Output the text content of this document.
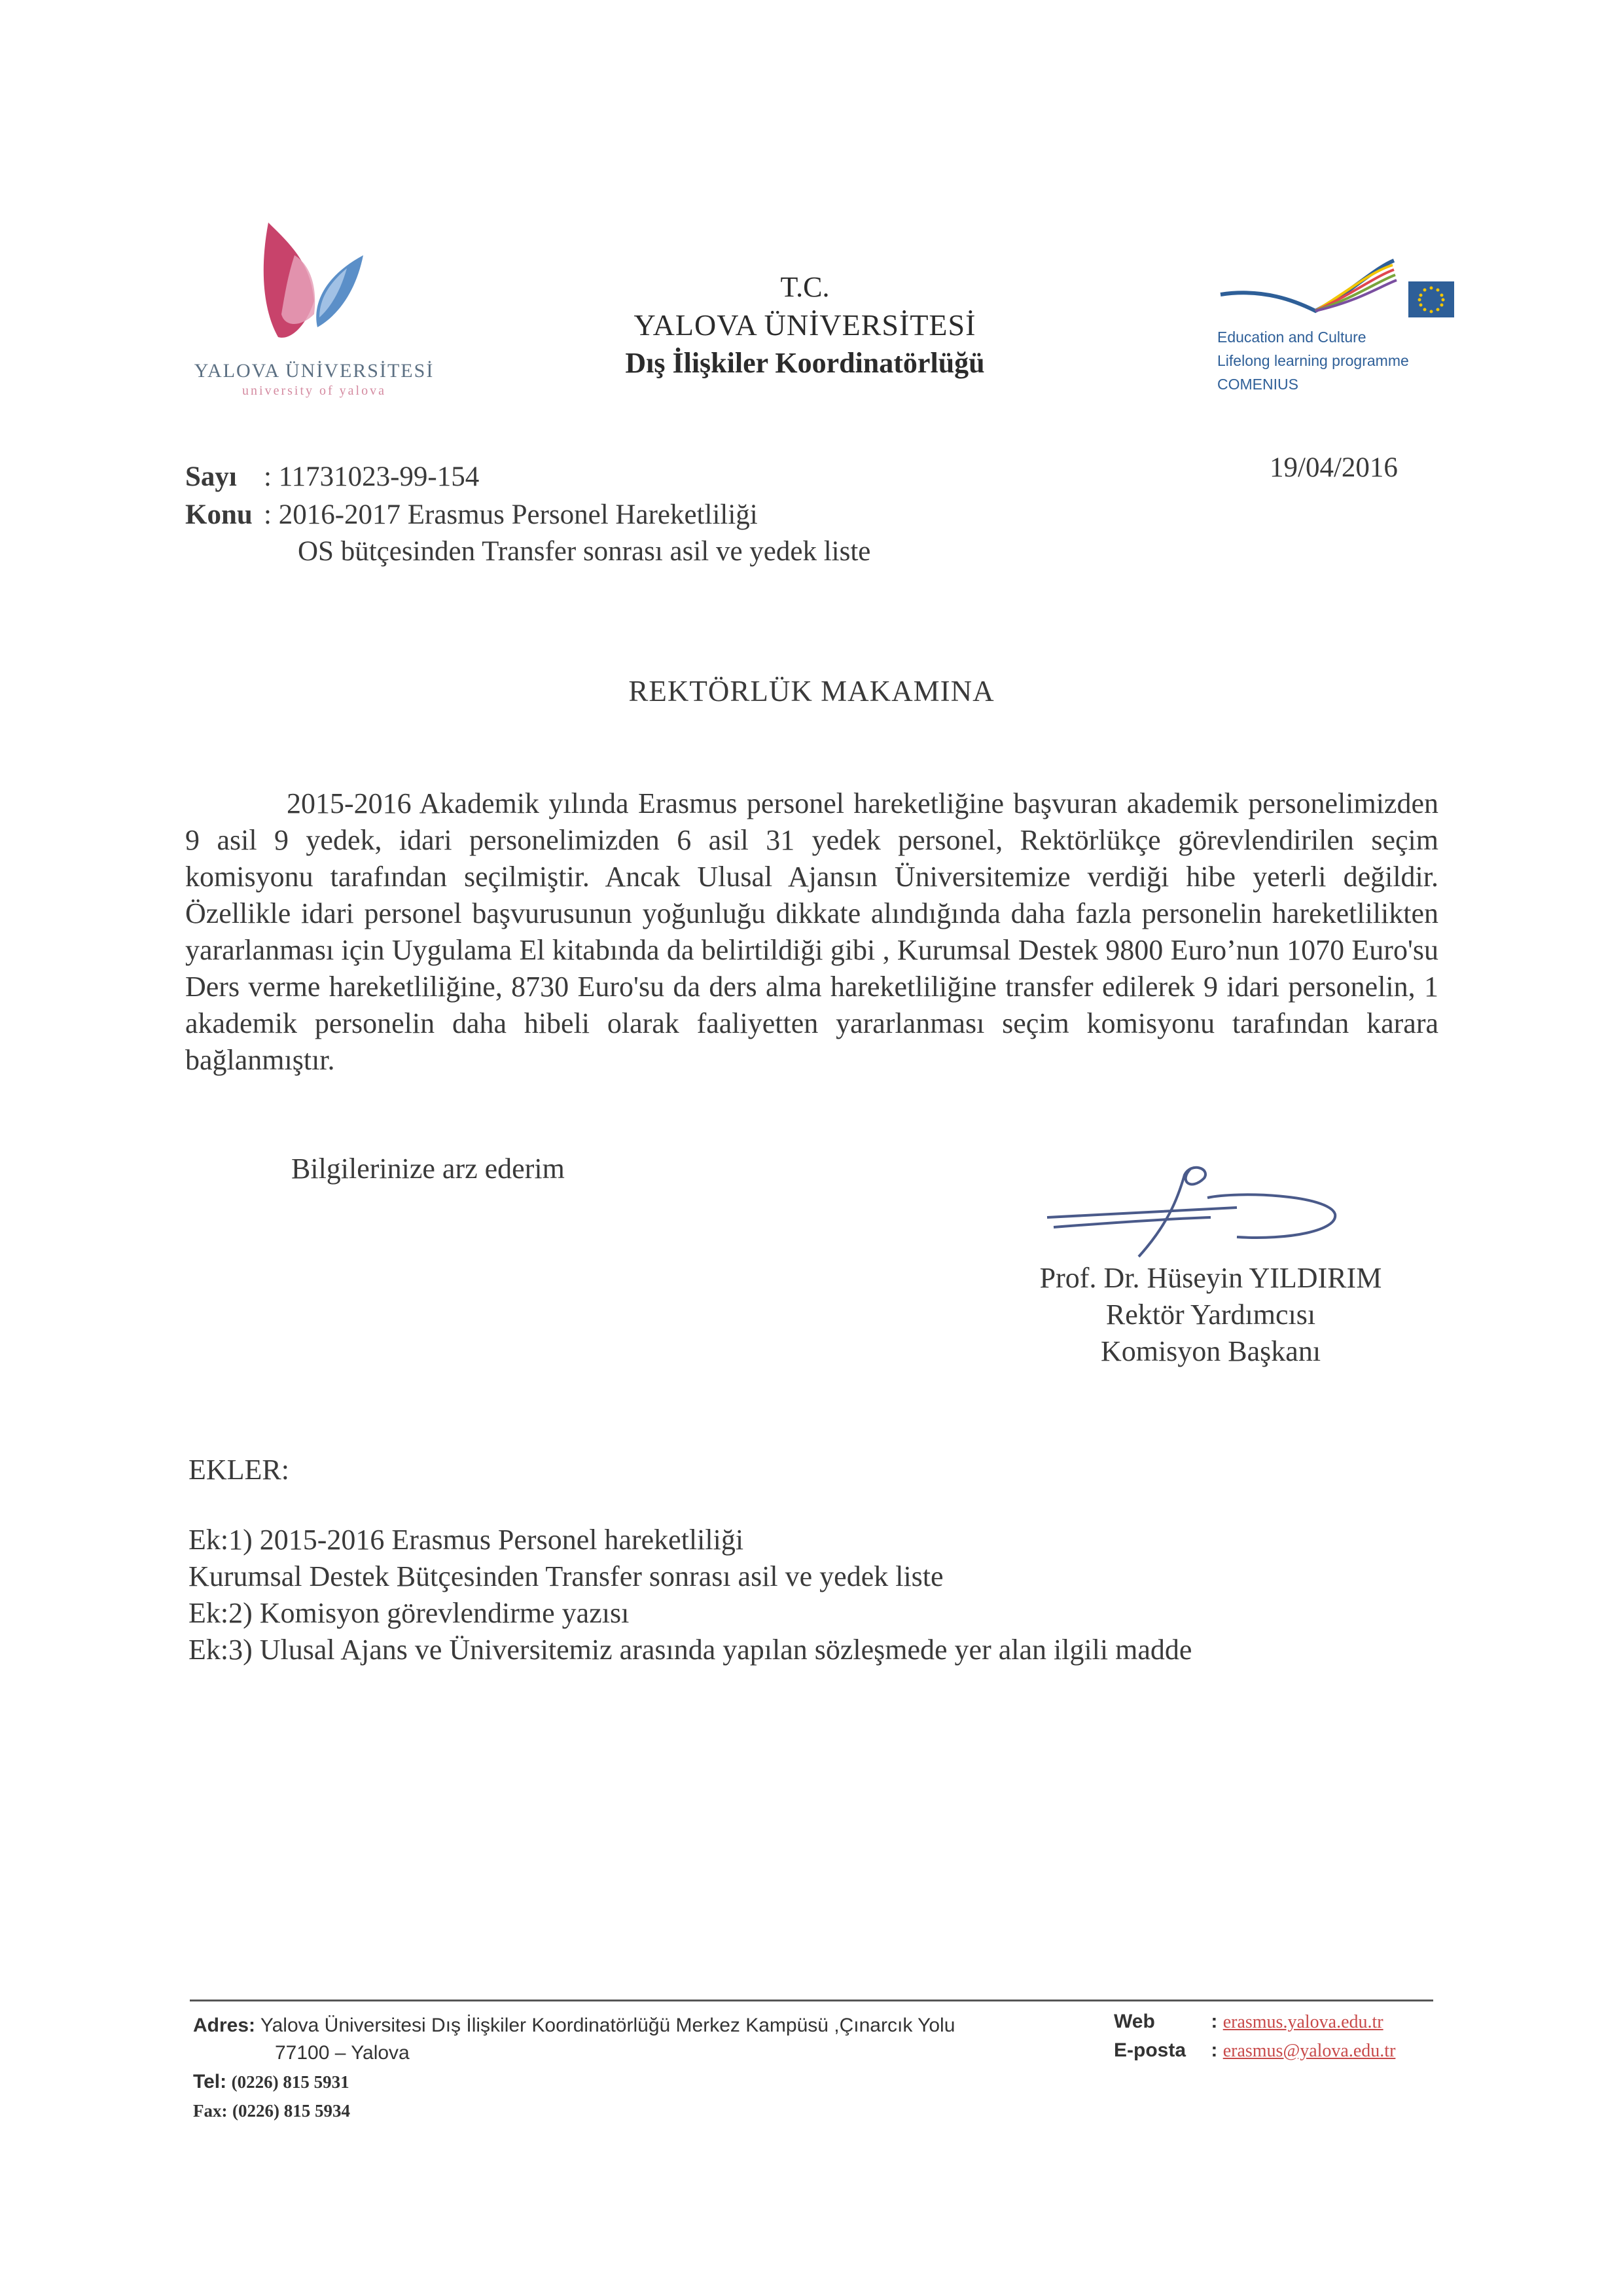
YALOVA ÜNİVERSİTESİ
university of yalova
T.C.
YALOVA ÜNİVERSİTESİ
Dış İlişkiler Koordinatörlüğü
Education and Culture
Lifelong learning programme
COMENIUS
Sayı : 11731023-99-154
Konu : 2016-2017 Erasmus Personel Hareketliliği
OS bütçesinden Transfer sonrası asil ve yedek liste
19/04/2016
REKTÖRLÜK MAKAMINA
2015-2016 Akademik yılında Erasmus personel hareketliğine başvuran akademik personelimizden 9 asil 9 yedek, idari personelimizden 6 asil 31 yedek personel, Rektörlükçe görevlendirilen seçim komisyonu tarafından seçilmiştir. Ancak Ulusal Ajansın Üniversitemize verdiği hibe yeterli değildir. Özellikle idari personel başvurusunun yoğunluğu dikkate alındığında daha fazla personelin hareketlilikten yararlanması için Uygulama El kitabında da belirtildiği gibi , Kurumsal Destek 9800 Euro’nun 1070 Euro'su Ders verme hareketliliğine, 8730 Euro'su da ders alma hareketliliğine transfer edilerek 9 idari personelin, 1 akademik personelin daha hibeli olarak faaliyetten yararlanması seçim komisyonu tarafından karara bağlanmıştır.
Bilgilerinize arz ederim
Prof. Dr. Hüseyin YILDIRIM
Rektör Yardımcısı
Komisyon Başkanı
EKLER:
Ek:1) 2015-2016 Erasmus Personel hareketliliği
Kurumsal Destek Bütçesinden Transfer sonrası asil ve yedek liste
Ek:2) Komisyon görevlendirme yazısı
Ek:3) Ulusal Ajans ve Üniversitemiz arasında yapılan sözleşmede yer alan ilgili madde
Adres: Yalova Üniversitesi Dış İlişkiler Koordinatörlüğü Merkez Kampüsü ,Çınarcık Yolu
77100 – Yalova
Tel: (0226) 815 5931
Fax: (0226) 815 5934
Web	: erasmus.yalova.edu.tr
E-posta : erasmus@yalova.edu.tr
